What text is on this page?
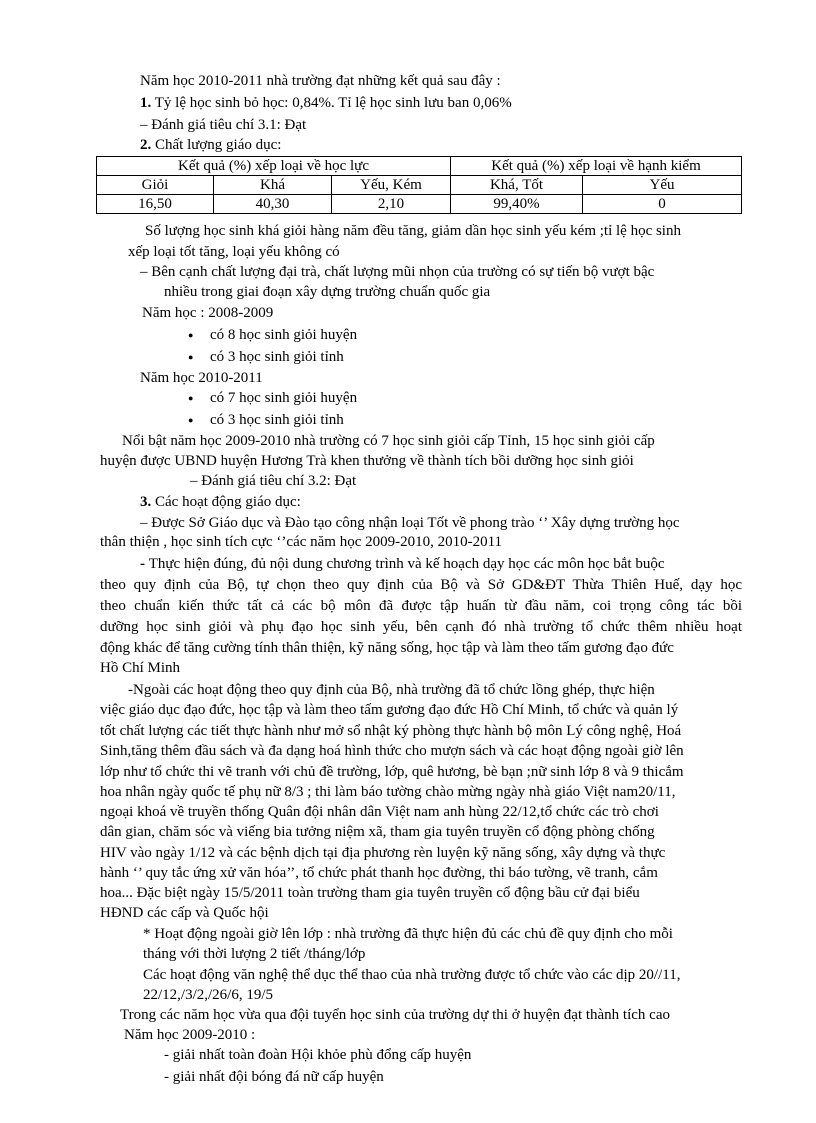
Năm học 2010-2011 nhà trường đạt những kết quả sau đây :
1. Tỷ lệ học sinh bỏ học: 0,84%. Tỉ lệ học sinh lưu ban 0,06%
– Đánh giá tiêu chí 3.1: Đạt
2. Chất lượng giáo dục:
Kết quả (%) xếp loại về học lực			Kết quả (%) xếp loại về hạnh kiểm	
Giỏi	Khá	Yếu, Kém	Khá, Tốt	Yếu
16,50	40,30	2,10	99,40%	0
Số lượng học sinh khá giỏi hàng năm đều tăng, giảm dần học sinh yếu kém ;tỉ lệ học sinh
xếp loại tốt tăng, loại yếu không có
– Bên cạnh chất lượng đại trà, chất lượng mũi nhọn của trường có sự tiến bộ vượt bậc
nhiều trong giai đoạn xây dựng trường chuẩn quốc gia
Năm học : 2008-2009
● có 8 học sinh giỏi huyện
● có 3 học sinh giỏi tỉnh
Năm học 2010-2011
● có 7 học sinh giỏi huyện
● có 3 học sinh giỏi tỉnh
Nổi bật năm học 2009-2010 nhà trường có 7 học sinh giỏi cấp Tỉnh, 15 học sinh giỏi cấp
huyện được UBND huyện Hương Trà khen thưởng về thành tích bồi dưỡng học sinh giỏi
– Đánh giá tiêu chí 3.2: Đạt
3. Các hoạt động giáo dục:
– Được Sở Giáo dục và Đào tạo công nhận loại Tốt về phong trào ‘’ Xây dựng trường học
thân thiện , học sinh tích cực ‘’các năm học 2009-2010, 2010-2011
- Thực hiện đúng, đủ nội dung chương trình và kế hoạch dạy học các môn học bắt buộc
theo quy định của Bộ, tự chọn theo quy định của Bộ và Sở GD&ĐT Thừa Thiên Huế, dạy học
theo chuẩn kiến thức tất cả các bộ môn đã được tập huấn từ đầu năm, coi trọng công tác bồi
dưỡng học sinh giỏi và phụ đạo học sinh yếu, bên cạnh đó nhà trường tổ chức thêm nhiều hoạt
động khác để tăng cường tính thân thiện, kỹ năng sống, học tập và làm theo tấm gương đạo đức
Hồ Chí Minh
-Ngoài các hoạt động theo quy định của Bộ, nhà trường đã tổ chức lồng ghép, thực hiện
việc giáo dục đạo đức, học tập và làm theo tấm gương đạo đức Hồ Chí Minh, tổ chức và quản lý
tốt chất lượng các tiết thực hành như mở sổ nhật ký phòng thực hành bộ môn Lý công nghệ, Hoá
Sinh,tăng thêm đầu sách và đa dạng hoá hình thức cho mượn sách và các hoạt động ngoài giờ lên
lớp như tổ chức thi vẽ tranh với chủ đề trường, lớp, quê hương, bè bạn ;nữ sinh lớp 8 và 9 thicắm
hoa nhân ngày quốc tế phụ nữ 8/3 ; thi làm báo tường chào mừng ngày nhà giáo Việt nam20/11,
ngoại khoá về truyền thống Quân đội nhân dân Việt nam anh hùng 22/12,tổ chức các trò chơi
dân gian, chăm sóc và viếng bia tưởng niệm xã, tham gia tuyên truyền cổ động phòng chống
HIV vào ngày 1/12 và các bệnh dịch tại địa phương rèn luyện kỹ năng sống, xây dựng và thực
hành ‘’ quy tắc ứng xử văn hóa’’, tổ chức phát thanh học đường, thi báo tường, vẽ tranh, cắm
hoa... Đặc biệt ngày 15/5/2011 toàn trường tham gia tuyên truyền cổ động bầu cử đại biểu
HĐND các cấp và Quốc hội
* Hoạt động ngoài giờ lên lớp : nhà trường đã thực hiện đủ các chủ đề quy định cho mỗi
tháng với thời lượng 2 tiết /tháng/lớp
Các hoạt động văn nghệ thể dục thể thao của nhà trường được tổ chức vào các dịp 20//11,
22/12,/3/2,/26/6, 19/5
Trong các năm học vừa qua đội tuyển học sinh của trường dự thi ở huyện đạt thành tích cao
Năm học 2009-2010 :
- giải nhất toàn đoàn Hội khỏe phù đổng cấp huyện
- giải nhất đội bóng đá nữ cấp huyện
